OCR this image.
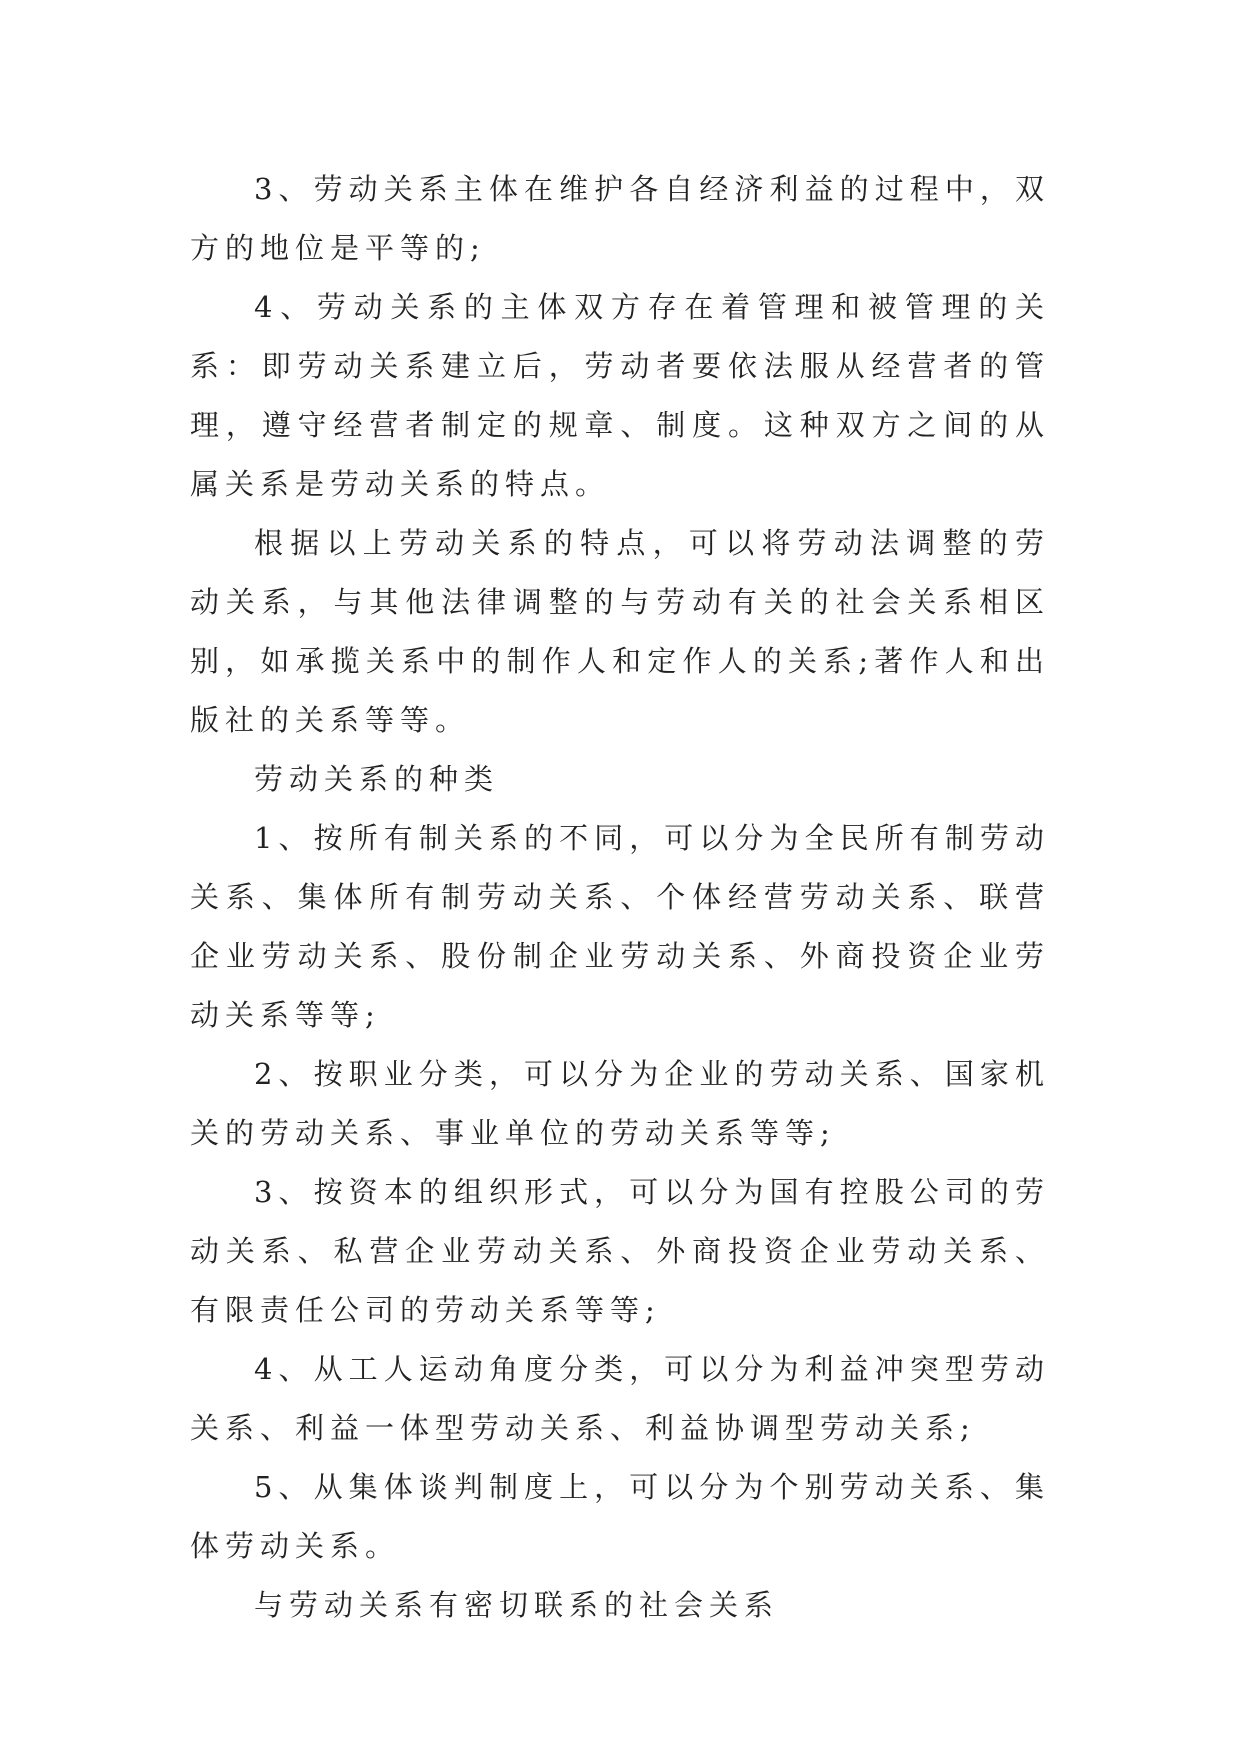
3、劳动关系主体在维护各自经济利益的过程中，双方的地位是平等的;

4、劳动关系的主体双方存在着管理和被管理的关系：即劳动关系建立后，劳动者要依法服从经营者的管理，遵守经营者制定的规章、制度。这种双方之间的从属关系是劳动关系的特点。

根据以上劳动关系的特点，可以将劳动法调整的劳动关系，与其他法律调整的与劳动有关的社会关系相区别，如承揽关系中的制作人和定作人的关系;著作人和出版社的关系等等。

劳动关系的种类

1、按所有制关系的不同，可以分为全民所有制劳动关系、集体所有制劳动关系、个体经营劳动关系、联营企业劳动关系、股份制企业劳动关系、外商投资企业劳动关系等等;

2、按职业分类，可以分为企业的劳动关系、国家机关的劳动关系、事业单位的劳动关系等等;

3、按资本的组织形式，可以分为国有控股公司的劳动关系、私营企业劳动关系、外商投资企业劳动关系、有限责任公司的劳动关系等等;

4、从工人运动角度分类，可以分为利益冲突型劳动关系、利益一体型劳动关系、利益协调型劳动关系;

5、从集体谈判制度上，可以分为个别劳动关系、集体劳动关系。

与劳动关系有密切联系的社会关系
